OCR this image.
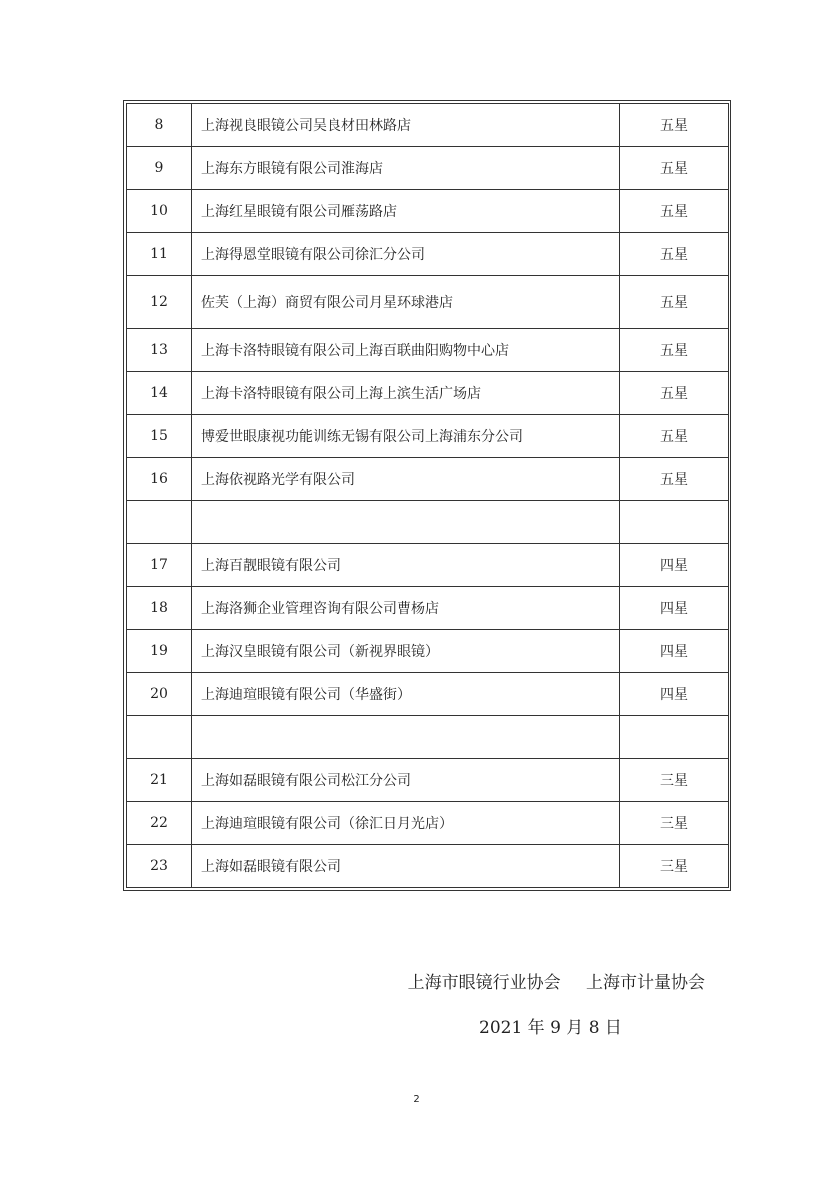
8	上海视良眼镜公司吴良材田林路店	五星
9	上海东方眼镜有限公司淮海店	五星
10	上海红星眼镜有限公司雁荡路店	五星
11	上海得恩堂眼镜有限公司徐汇分公司	五星
12	佐芙（上海）商贸有限公司月星环球港店	五星
13	上海卡洛特眼镜有限公司上海百联曲阳购物中心店	五星
14	上海卡洛特眼镜有限公司上海上滨生活广场店	五星
15	博爱世眼康视功能训练无锡有限公司上海浦东分公司	五星
16	上海依视路光学有限公司	五星

17	上海百靓眼镜有限公司	四星
18	上海洛狮企业管理咨询有限公司曹杨店	四星
19	上海汉皇眼镜有限公司（新视界眼镜）	四星
20	上海迪瑄眼镜有限公司（华盛街）	四星

21	上海如磊眼镜有限公司松江分公司	三星
22	上海迪瑄眼镜有限公司（徐汇日月光店）	三星
23	上海如磊眼镜有限公司	三星
上海市眼镜行业协会 上海市计量协会
2021 年 9 月 8 日
2
